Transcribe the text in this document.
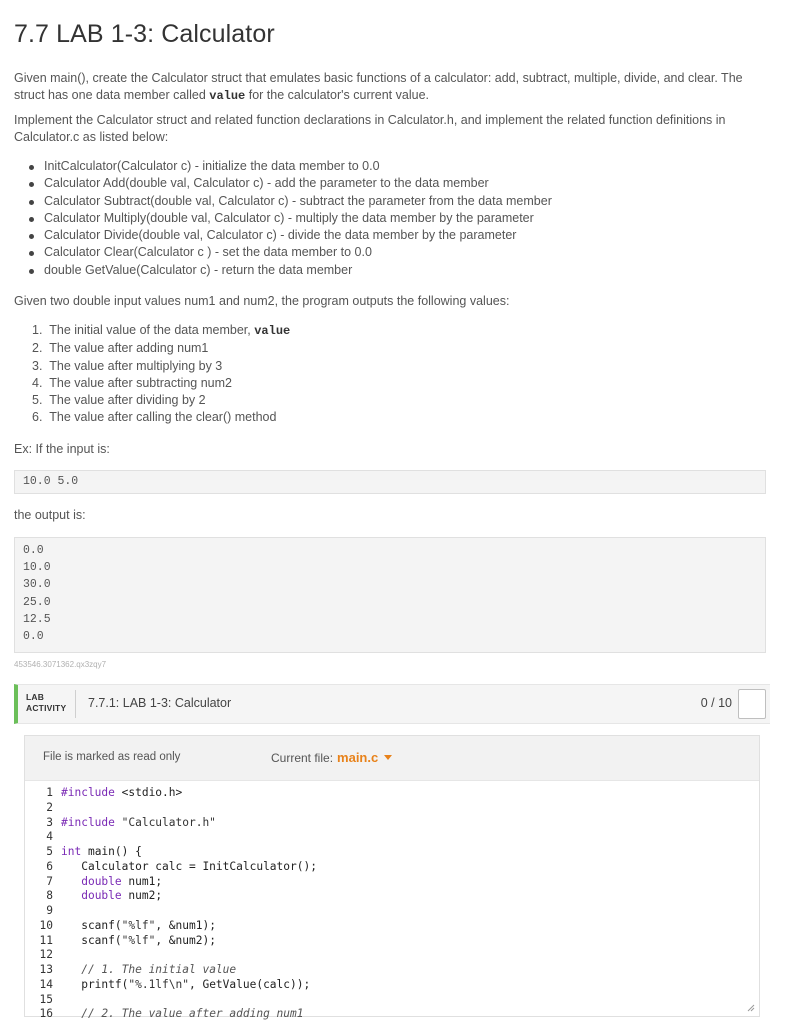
7.7 LAB 1-3: Calculator

Given main(), create the Calculator struct that emulates basic functions of a calculator: add, subtract, multiple, divide, and clear. The struct has one data member called value for the calculator's current value.

Implement the Calculator struct and related function declarations in Calculator.h, and implement the related function definitions in Calculator.c as listed below:

InitCalculator(Calculator c) - initialize the data member to 0.0
Calculator Add(double val, Calculator c) - add the parameter to the data member
Calculator Subtract(double val, Calculator c) - subtract the parameter from the data member
Calculator Multiply(double val, Calculator c) - multiply the data member by the parameter
Calculator Divide(double val, Calculator c) - divide the data member by the parameter
Calculator Clear(Calculator c ) - set the data member to 0.0
double GetValue(Calculator c) - return the data member

Given two double input values num1 and num2, the program outputs the following values:

1. The initial value of the data member, value
2. The value after adding num1
3. The value after multiplying by 3
4. The value after subtracting num2
5. The value after dividing by 2
6. The value after calling the clear() method

Ex: If the input is:

10.0 5.0

the output is:

0.0
10.0
30.0
25.0
12.5
0.0
453546.3071362.qx3zqy7
LAB
ACTIVITY 7.7.1: LAB 1-3: Calculator	0 / 10
File is marked as read only	Current file: main.c
1 #include <stdio.h>
2
3 #include "Calculator.h"
4
5 int main() {
6   Calculator calc = InitCalculator();
7	double num1;
8	double num2;
9
10   scanf("%lf", &num1);
11   scanf("%lf", &num2);
12
13	// 1. The initial value
14   printf("%.1lf\n", GetValue(calc));
15
16	// 2. The value after adding num1
